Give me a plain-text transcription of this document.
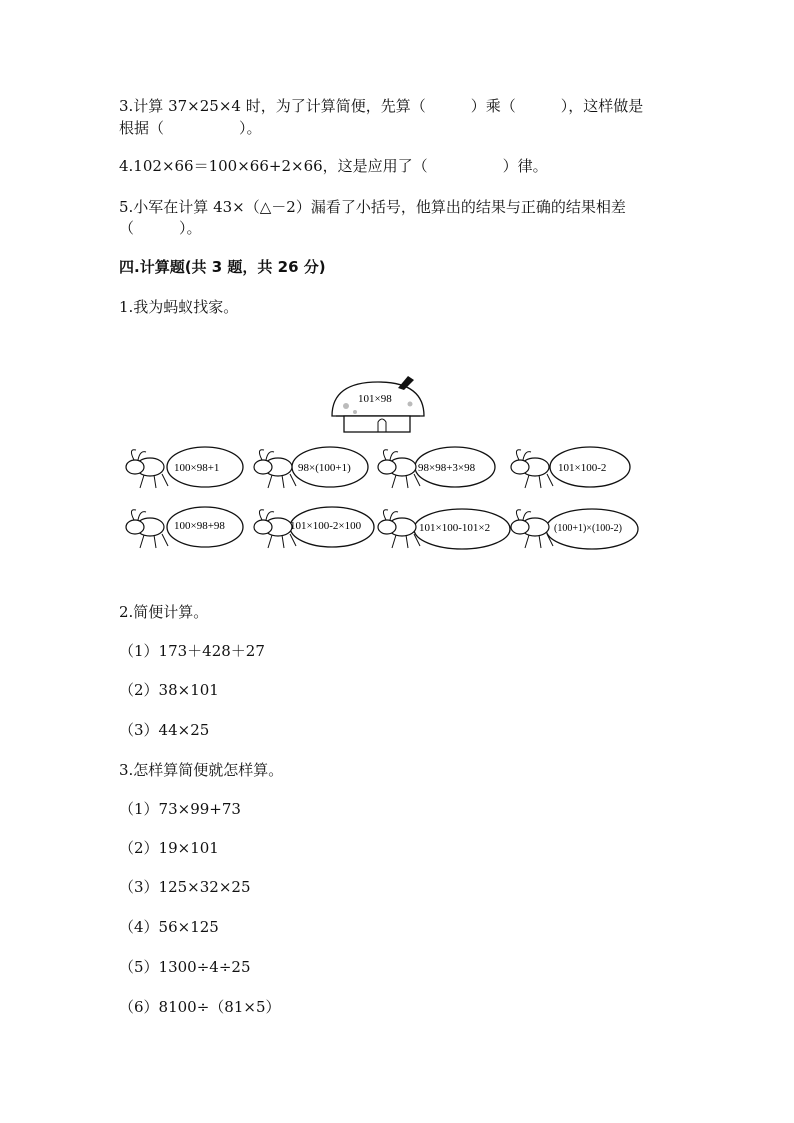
3.计算 37×25×4 时，为了计算简便，先算（　　　）乘（　　　），这样做是
根据（　　　　　）。
4.102×66＝100×66+2×66，这是应用了（　　　　　）律。
5.小军在计算 43×（△－2）漏看了小括号，他算出的结果与正确的结果相差
（　　　）。
四.计算题(共 3 题，共 26 分)
1.我为蚂蚁找家。
101×98
100×98+1	98×(100+1)	98×98+3×98	101×100-2
100×98+98	101×100-2×100	101×100-101×2	(100+1)×(100-2)
2.简便计算。
（1）173＋428＋27
（2）38×101
（3）44×25
3.怎样算简便就怎样算。
（1）73×99+73
（2）19×101
（3）125×32×25
（4）56×125
（5）1300÷4÷25
（6）8100÷（81×5）
